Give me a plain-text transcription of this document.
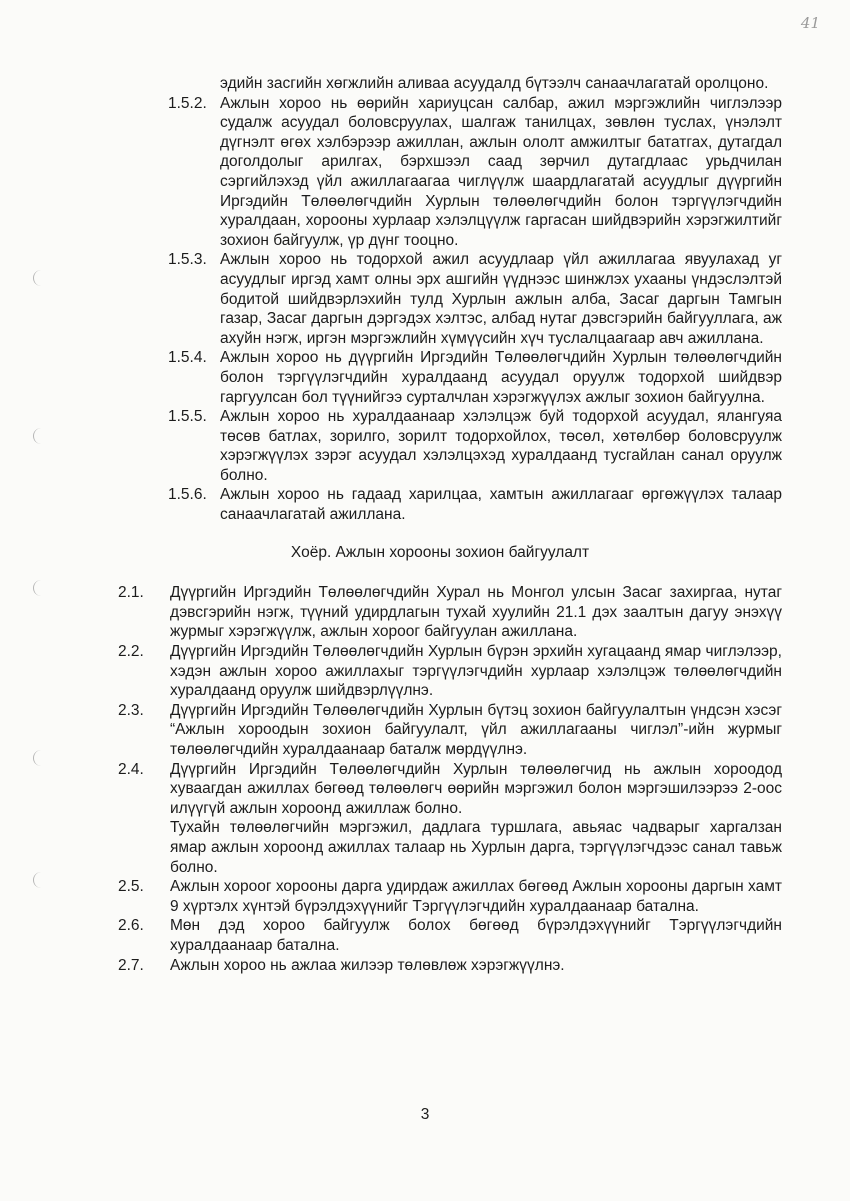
41

эдийн засгийн хөгжлийн аливаа асуудалд бүтээлч санаачлагатай оролцоно.

1.5.2. Ажлын хороо нь өөрийн хариуцсан салбар, ажил мэргэжлийн чиглэлээр судалж асуудал боловсруулах, шалгаж танилцах, зөвлөн туслах, үнэлэлт дүгнэлт өгөх хэлбэрээр ажиллан, ажлын ололт амжилтыг бататгах, дутагдал доголдолыг арилгах, бэрхшээл саад зөрчил дутагдлаас урьдчилан сэргийлэхэд үйл ажиллагаагаа чиглүүлж шаардлагатай асуудлыг дүүргийн Иргэдийн Төлөөлөгчдийн Хурлын төлөөлөгчдийн болон тэргүүлэгчдийн хуралдаан, хорооны хурлаар хэлэлцүүлж гаргасан шийдвэрийн хэрэгжилтийг зохион байгуулж, үр дүнг тооцно.
1.5.3. Ажлын хороо нь тодорхой ажил асуудлаар үйл ажиллагаа явуулахад уг асуудлыг иргэд хамт олны эрх ашгийн үүднээс шинжлэх ухааны үндэслэлтэй бодитой шийдвэрлэхийн тулд Хурлын ажлын алба, Засаг даргын Тамгын газар, Засаг даргын дэргэдэх хэлтэс, албад нутаг дэвсгэрийн байгууллага, аж ахуйн нэгж, иргэн мэргэжлийн хүмүүсийн хүч туслалцаагаар авч ажиллана.
1.5.4. Ажлын хороо нь дүүргийн Иргэдийн Төлөөлөгчдийн Хурлын төлөөлөгчдийн болон тэргүүлэгчдийн хуралдаанд асуудал оруулж тодорхой шийдвэр гаргуулсан бол түүнийгээ сурталчлан хэрэгжүүлэх ажлыг зохион байгуулна.
1.5.5. Ажлын хороо нь хуралдаанаар хэлэлцэж буй тодорхой асуудал, ялангуяа төсөв батлах, зорилго, зорилт тодорхойлох, төсөл, хөтөлбөр боловсруулж хэрэгжүүлэх зэрэг асуудал хэлэлцэхэд хуралдаанд тусгайлан санал оруулж болно.
1.5.6. Ажлын хороо нь гадаад харилцаа, хамтын ажиллагааг өргөжүүлэх талаар санаачлагатай ажиллана.
Хоёр. Ажлын хорооны зохион байгуулалт
2.1.	Дүүргийн Иргэдийн Төлөөлөгчдийн Хурал нь Монгол улсын Засаг захиргаа, нутаг дэвсгэрийн нэгж, түүний удирдлагын тухай хуулийн 21.1 дэх заалтын дагуу энэхүү журмыг хэрэгжүүлж, ажлын хороог байгуулан ажиллана.
2.2.	Дүүргийн Иргэдийн Төлөөлөгчдийн Хурлын бүрэн эрхийн хугацаанд ямар чиглэлээр, хэдэн ажлын хороо ажиллахыг тэргүүлэгчдийн хурлаар хэлэлцэж төлөөлөгчдийн хуралдаанд оруулж шийдвэрлүүлнэ.
2.3.	Дүүргийн Иргэдийн Төлөөлөгчдийн Хурлын бүтэц зохион байгуулалтын үндсэн хэсэг “Ажлын хороодын зохион байгуулалт, үйл ажиллагааны чиглэл”-ийн журмыг төлөөлөгчдийн хуралдаанаар баталж мөрдүүлнэ.
2.4.	Дүүргийн Иргэдийн Төлөөлөгчдийн Хурлын төлөөлөгчид нь ажлын хороодод хуваагдан ажиллах бөгөөд төлөөлөгч өөрийн мэргэжил болон мэргэшилээрээ 2-оос илүүгүй ажлын хороонд ажиллаж болно.
Тухайн төлөөлөгчийн мэргэжил, дадлага туршлага, авьяас чадварыг харгалзан ямар ажлын хороонд ажиллах талаар нь Хурлын дарга, тэргүүлэгчдээс санал тавьж болно.
2.5.	Ажлын хороог хорооны дарга удирдаж ажиллах бөгөөд Ажлын хорооны даргын хамт 9 хүртэлх хүнтэй бүрэлдэхүүнийг Тэргүүлэгчдийн хуралдаанаар батална.
2.6.	Мөн дэд хороо байгуулж болох бөгөөд бүрэлдэхүүнийг Тэргүүлэгчдийн хуралдаанаар батална.
2.7.	Ажлын хороо нь ажлаа жилээр төлөвлөж хэрэгжүүлнэ.
3
